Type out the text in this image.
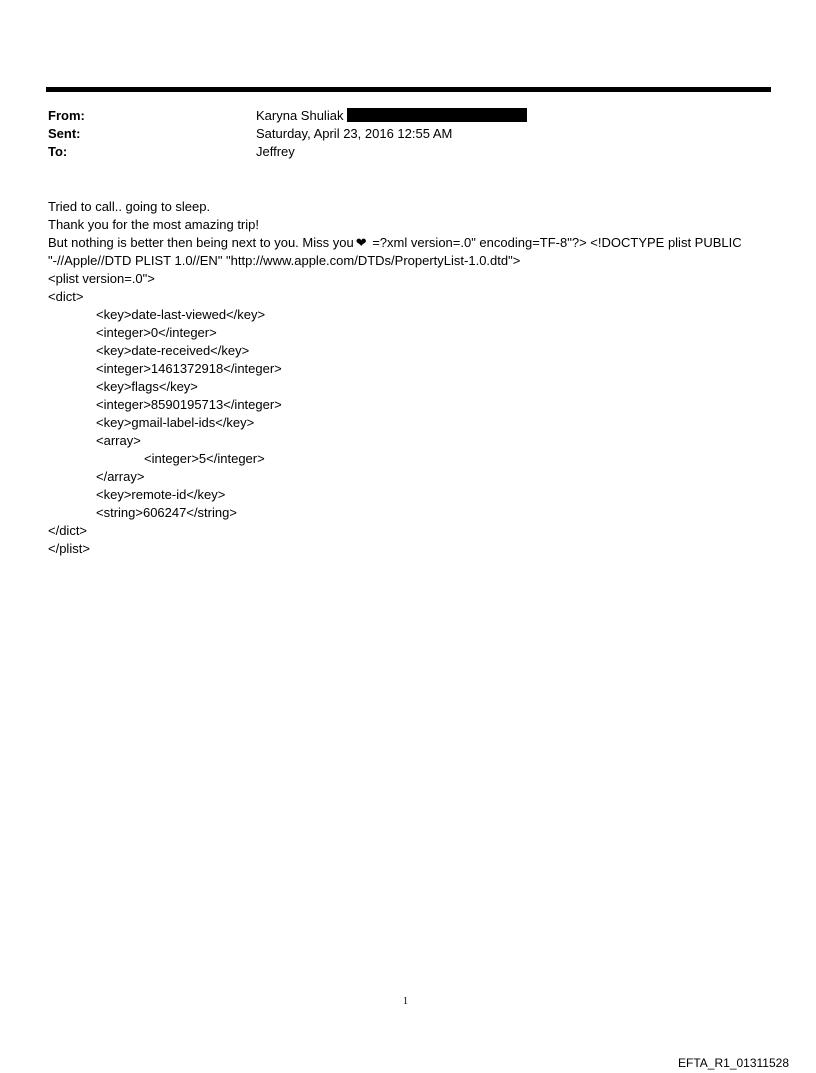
From:	Karyna Shuliak
Sent:	Saturday, April 23, 2016 12:55 AM
To:	Jeffrey
Tried to call.. going to sleep.
Thank you for the most amazing trip!
But nothing is better then being next to you. Miss you ❤ =?xml version=.0" encoding=TF-8"?> <!DOCTYPE plist PUBLIC
"-//Apple//DTD PLIST 1.0//EN" "http://www.apple.com/DTDs/PropertyList-1.0.dtd">
<plist version=.0">
<dict>
<key>date-last-viewed</key>
<integer>0</integer>
<key>date-received</key>
<integer>1461372918</integer>
<key>flags</key>
<integer>8590195713</integer>
<key>gmail-label-ids</key>
<array>
<integer>5</integer>
</array>
<key>remote-id</key>
<string>606247</string>
</dict>
</plist>
1
EFTA_R1_01311528
